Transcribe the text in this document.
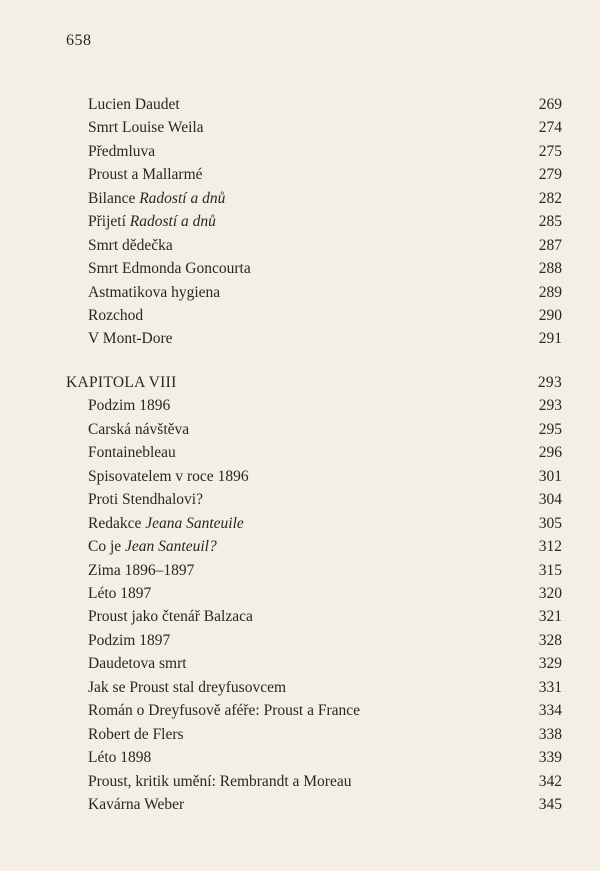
658
Lucien Daudet	269
Smrt Louise Weila	274
Předmluva	275
Proust a Mallarmé	279
Bilance Radostí a dnů	282
Přijetí Radostí a dnů	285
Smrt dědečka	287
Smrt Edmonda Goncourta	288
Astmatikova hygiena	289
Rozchod	290
V Mont-Dore	291
KAPITOLA VIII	293
Podzim 1896	293
Carská návštěva	295
Fontainebleau	296
Spisovatelem v roce 1896	301
Proti Stendhalovi?	304
Redakce Jeana Santeuile	305
Co je Jean Santeuil?	312
Zima 1896–1897	315
Léto 1897	320
Proust jako čtenář Balzaca	321
Podzim 1897	328
Daudetova smrt	329
Jak se Proust stal dreyfusovcem	331
Román o Dreyfusově aféře: Proust a France	334
Robert de Flers	338
Léto 1898	339
Proust, kritik umění: Rembrandt a Moreau	342
Kavárna Weber	345
